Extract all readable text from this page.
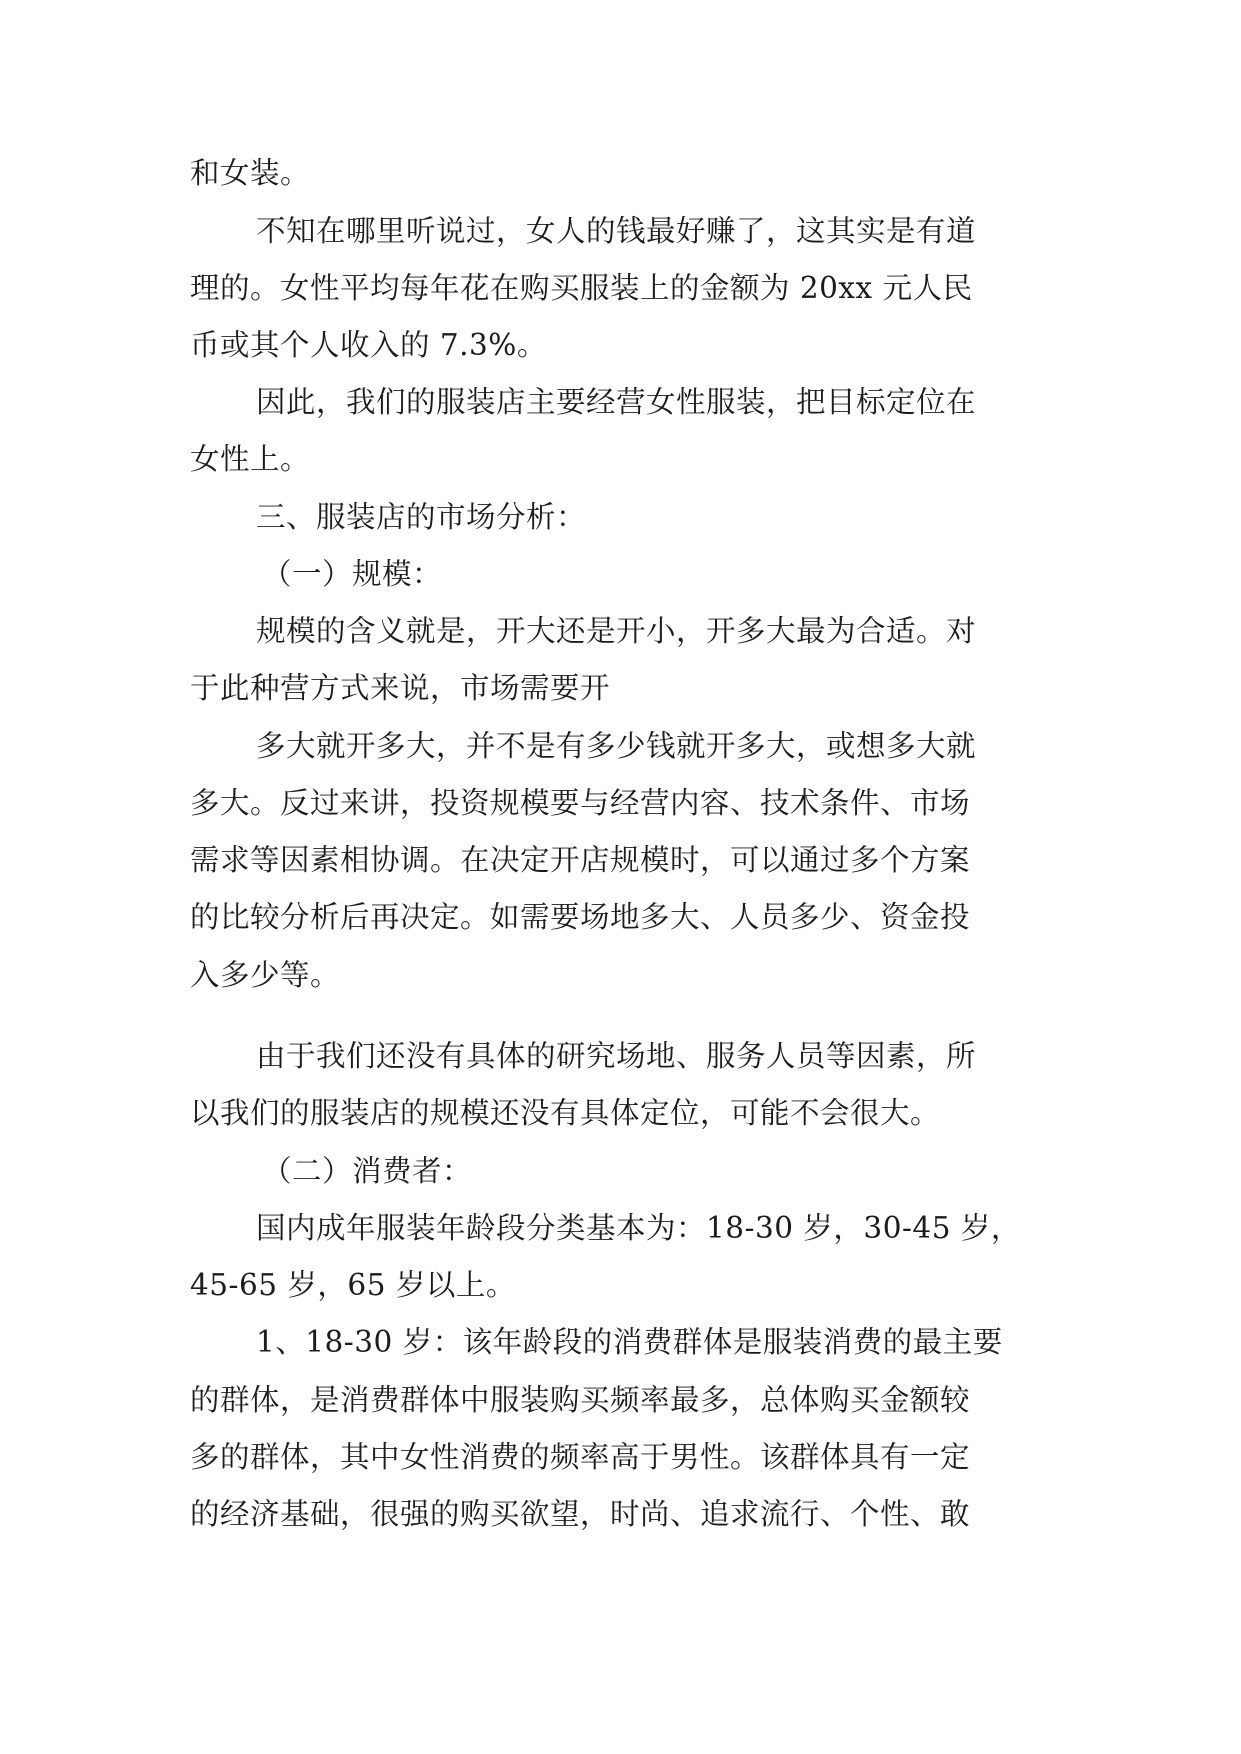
和女装。
不知在哪里听说过，女人的钱最好赚了，这其实是有道
理的。女性平均每年花在购买服装上的金额为 20xx 元人民
币或其个人收入的 7.3%。
因此，我们的服装店主要经营女性服装，把目标定位在
女性上。
三、服装店的市场分析：
（一）规模：
规模的含义就是，开大还是开小，开多大最为合适。对
于此种营方式来说，市场需要开
多大就开多大，并不是有多少钱就开多大，或想多大就
多大。反过来讲，投资规模要与经营内容、技术条件、市场
需求等因素相协调。在决定开店规模时，可以通过多个方案
的比较分析后再决定。如需要场地多大、人员多少、资金投
入多少等。
由于我们还没有具体的研究场地、服务人员等因素，所
以我们的服装店的规模还没有具体定位，可能不会很大。
（二）消费者：
国内成年服装年龄段分类基本为：18-30 岁，30-45 岁，
45-65 岁，65 岁以上。
1、18-30 岁：该年龄段的消费群体是服装消费的最主要
的群体，是消费群体中服装购买频率最多，总体购买金额较
多的群体，其中女性消费的频率高于男性。该群体具有一定
的经济基础，很强的购买欲望，时尚、追求流行、个性、敢
